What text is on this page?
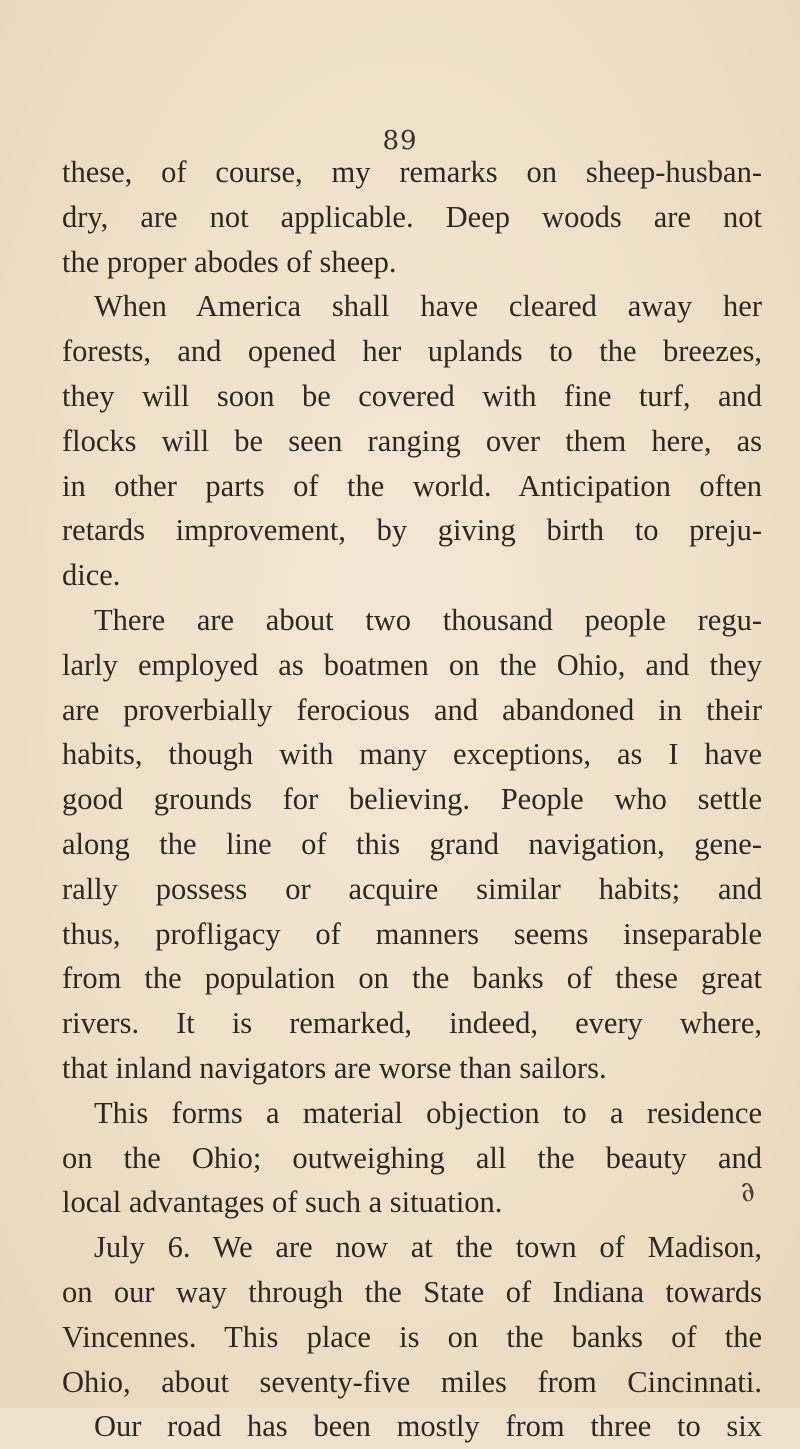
89
these, of course, my remarks on sheep-husban-
dry, are not applicable. Deep woods are not
the proper abodes of sheep.
When America shall have cleared away her
forests, and opened her uplands to the breezes,
they will soon be covered with fine turf, and
flocks will be seen ranging over them here, as
in other parts of the world. Anticipation often
retards improvement, by giving birth to preju-
dice.
There are about two thousand people regu-
larly employed as boatmen on the Ohio, and they
are proverbially ferocious and abandoned in their
habits, though with many exceptions, as I have
good grounds for believing. People who settle
along the line of this grand navigation, gene-
rally possess or acquire similar habits; and
thus, profligacy of manners seems inseparable
from the population on the banks of these great
rivers. It is remarked, indeed, every where,
that inland navigators are worse than sailors.
This forms a material objection to a residence
on the Ohio; outweighing all the beauty and
local advantages of such a situation.
July 6. We are now at the town of Madison,
on our way through the State of Indiana towards
Vincennes. This place is on the banks of the
Ohio, about seventy-five miles from Cincinnati.
Our road has been mostly from three to six
∂
